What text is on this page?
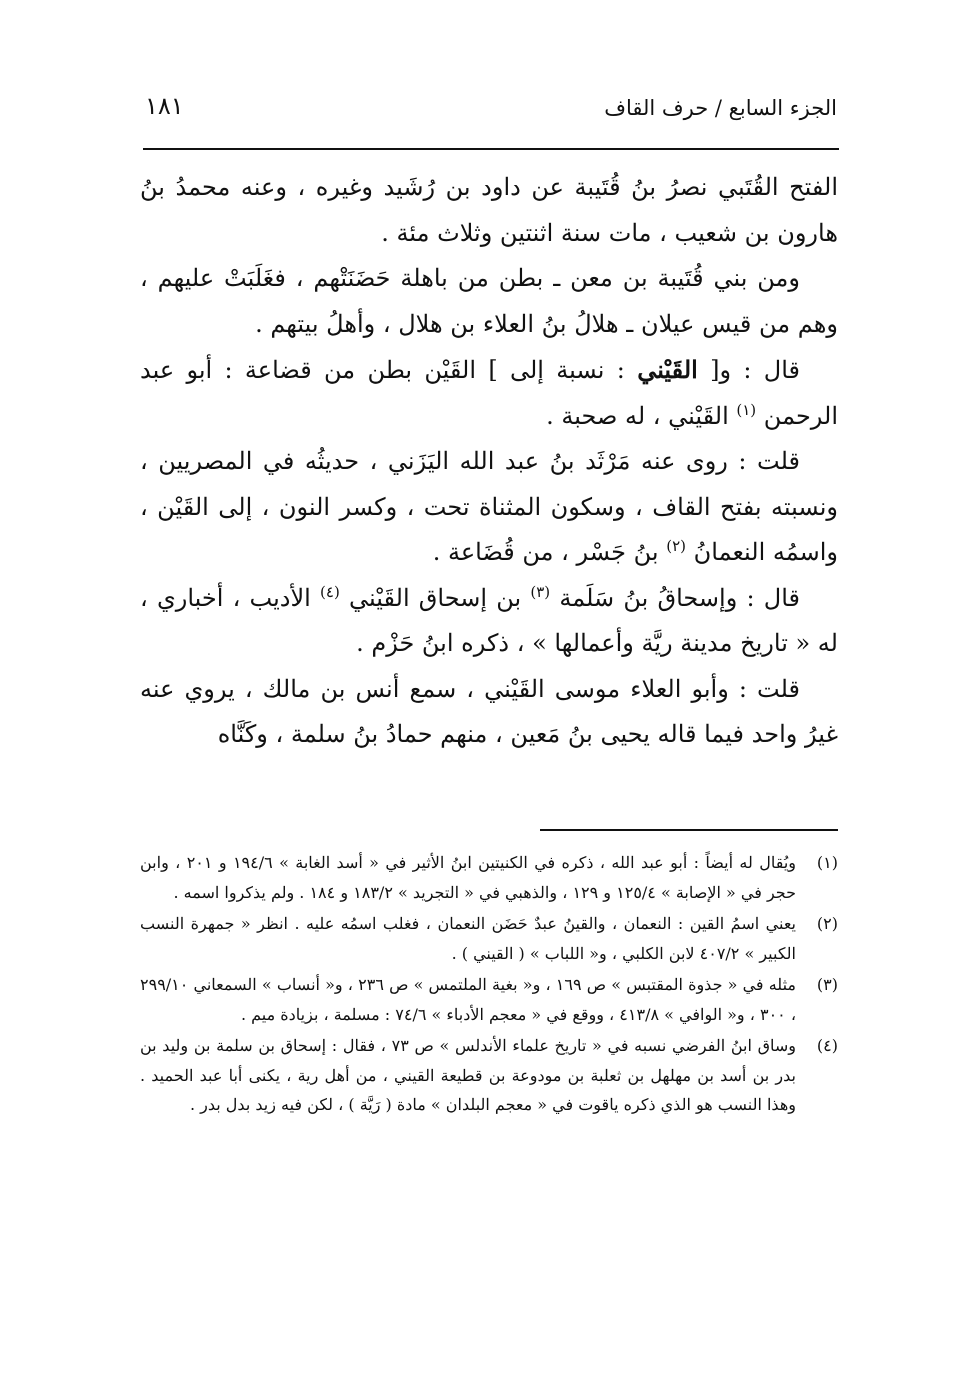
١٨١	الجزء السابع / حرف القاف

الفتح القُتَبي نصرُ بنُ قُتَيبة عن داود بن رُشَيد وغيره ، وعنه محمدُ بنُ هارون بن شعيب ، مات سنة اثنتين وثلاث مئة .

ومن بني قُتَيبة بن معن ـ بطن من باهلة حَضَنَتْهم ، فغَلَبَتْ عليهم ، وهم من قيس عيلان ـ هلالُ بنُ العلاء بن هلال ، وأهلُ بيتهم .

قال : و[ القَيْني : نسبة إلى ] القَيْن بطن من قضاعة : أبو عبد الرحمن $^{(١)}$ القَيْني ، له صحبة .

قلت : روى عنه مَرْثَد بنُ عبد الله اليَزَني ، حديثُه في المصريين ، ونسبته بفتح القاف ، وسكون المثناة تحت ، وكسر النون ، إلى القَيْن ، واسمُه النعمانُ $^{(٢)}$ بنُ جَسْر ، من قُضَاعة .

قال : وإسحاقُ بنُ سَلَمة $^{(٣)}$ بن إسحاق القَيْني $^{(٤)}$ الأديب ، أخباري ، له « تاريخ مدينة ريَّة وأعمالها » ، ذكره ابنُ حَزْم .

قلت : وأبو العلاء موسى القَيْني ، سمع أنس بن مالك ، يروي عنه غيرُ واحد فيما قاله يحيى بنُ مَعين ، منهم حمادُ بنُ سلمة ، وكَنَّاه

(١)
ويُقال له أيضاً : أبو عبد الله ، ذكره في الكنيتين ابنُ الأثير في « أسد الغابة » ١٩٤/٦ و ٢٠١ ، وابن حجر في « الإصابة » ١٢٥/٤ و ١٢٩ ، والذهبي في « التجريد » ١٨٣/٢ و ١٨٤ . ولم يذكروا اسمه .
(٢)
يعني اسمُ القين : النعمان ، والقينُ عبدٌ حَضَن النعمان ، فغلب اسمُه عليه . انظر « جمهرة النسب الكبير » ٤٠٧/٢ لابن الكلبي ، و« اللباب » ( القيني ) .
(٣)
مثله في « جذوة المقتبس » ص ١٦٩ ، و« بغية الملتمس » ص ٢٣٦ ، و« أنساب » السمعاني ٢٩٩/١٠ ، ٣٠٠ ، و« الوافي » ٤١٣/٨ ، ووقع في « معجم الأدباء » ٧٤/٦ : مسلمة ، بزيادة ميم .
(٤)
وساق ابنُ الفرضي نسبه في « تاريخ علماء الأندلس » ص ٧٣ ، فقال : إسحاق بن سلمة بن وليد بن بدر بن أسد بن مهلهل بن ثعلبة بن مودوعة بن قطيعة القيني ، من أهل رية ، يكنى أبا عبد الحميد . وهذا النسب هو الذي ذكره ياقوت في « معجم البلدان » مادة ( رَيَّة ) ، لكن فيه زيد بدل بدر .
